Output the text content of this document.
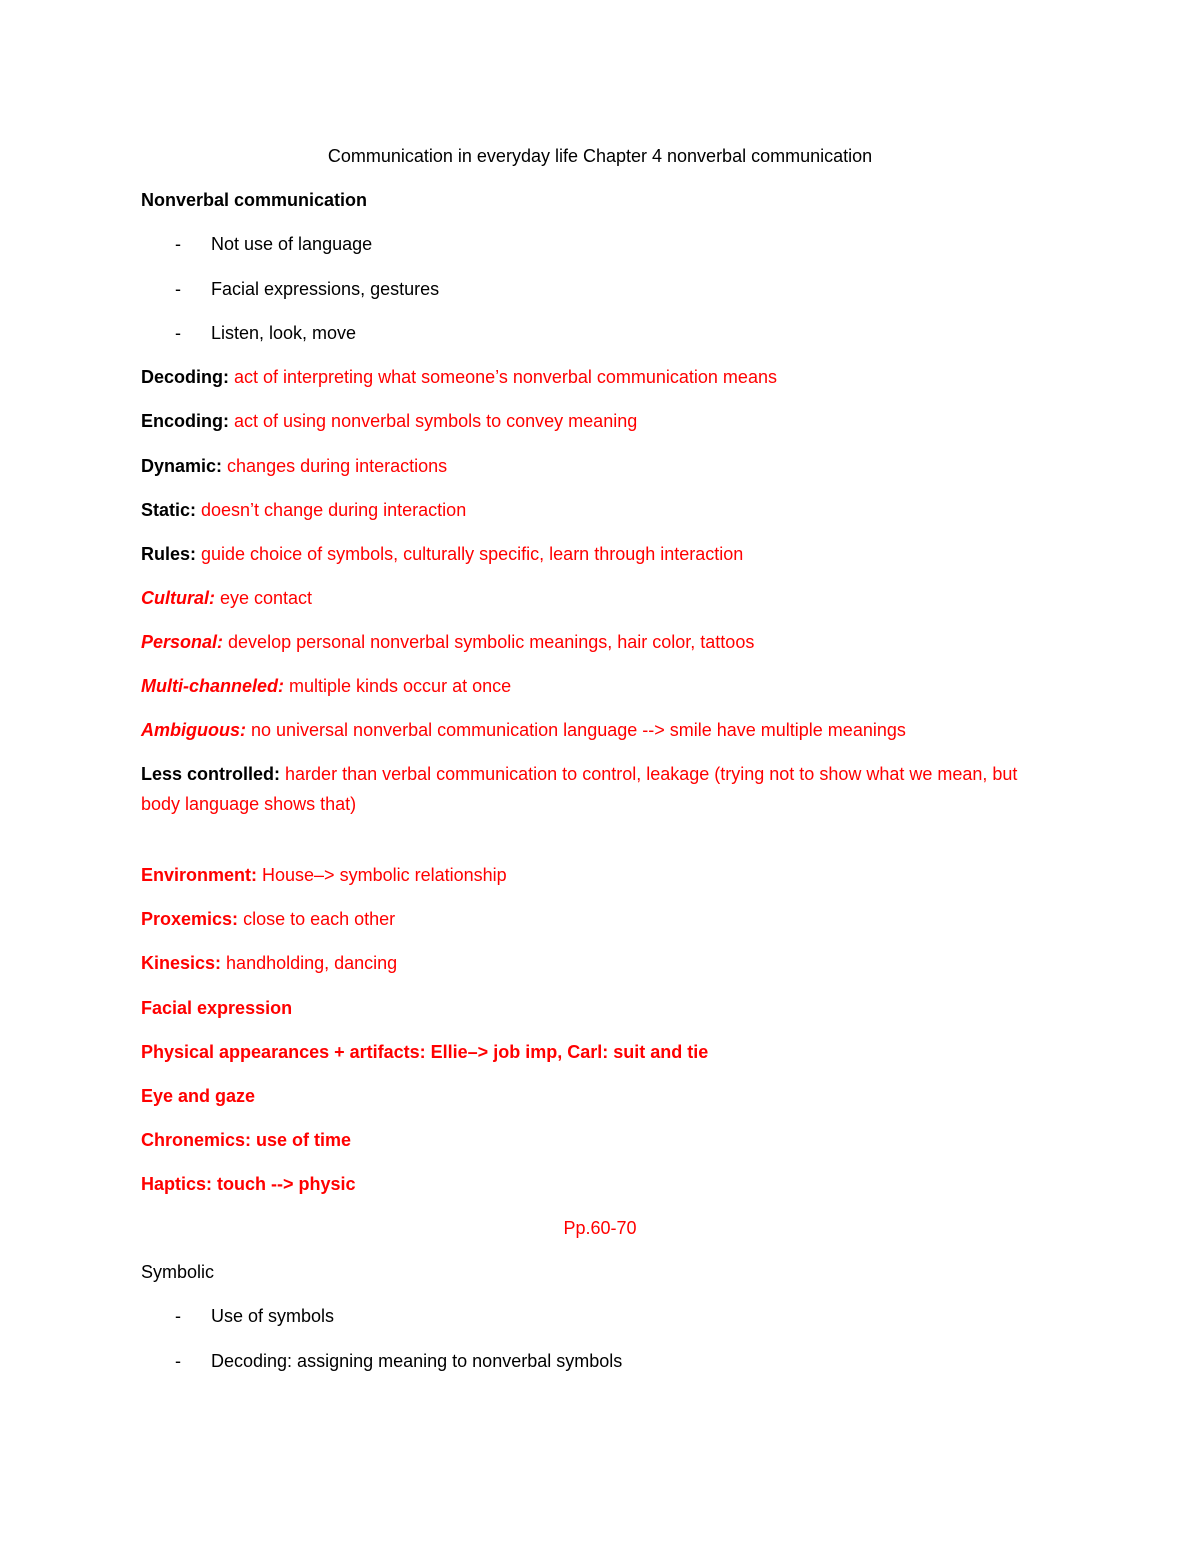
Communication in everyday life Chapter 4 nonverbal communication
Nonverbal communication
- Not use of language
- Facial expressions, gestures
- Listen, look, move
Decoding: act of interpreting what someone’s nonverbal communication means
Encoding: act of using nonverbal symbols to convey meaning
Dynamic: changes during interactions
Static: doesn’t change during interaction
Rules: guide choice of symbols, culturally specific, learn through interaction
Cultural: eye contact
Personal: develop personal nonverbal symbolic meanings, hair color, tattoos
Multi-channeled: multiple kinds occur at once
Ambiguous: no universal nonverbal communication language --> smile have multiple meanings
Less controlled: harder than verbal communication to control, leakage (trying not to show what we mean, but body language shows that)
Environment: House–> symbolic relationship
Proxemics: close to each other
Kinesics: handholding, dancing
Facial expression
Physical appearances + artifacts: Ellie–> job imp, Carl: suit and tie
Eye and gaze
Chronemics: use of time
Haptics: touch --> physic
Pp.60-70
Symbolic
- Use of symbols
- Decoding: assigning meaning to nonverbal symbols
